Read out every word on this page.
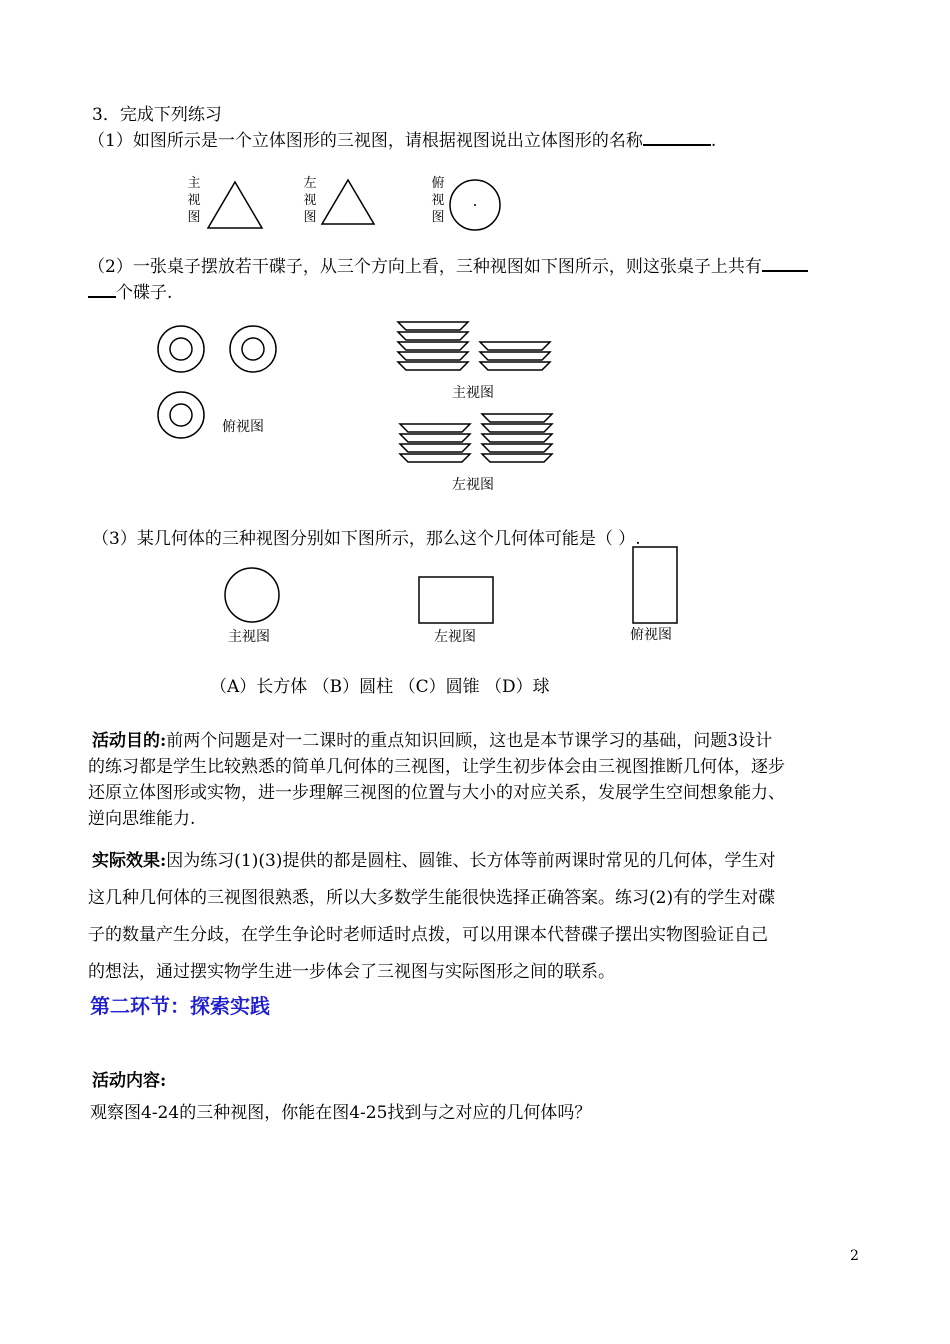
3．完成下列练习
（1）如图所示是一个立体图形的三视图，请根据视图说出立体图形的名称	.
主
视
图
左
视
图
俯
视
图
（2）一张桌子摆放若干碟子，从三个方向上看，三种视图如下图所示，则这张桌子上共有
个碟子.
俯视图
主视图
左视图
（3）某几何体的三种视图分别如下图所示，那么这个几何体可能是（ ）.
主视图	左视图	俯视图
（A）长方体 （B）圆柱 （C）圆锥 （D）球
活动目的:前两个问题是对一二课时的重点知识回顾，这也是本节课学习的基础，问题3设计
的练习都是学生比较熟悉的简单几何体的三视图，让学生初步体会由三视图推断几何体，逐步
还原立体图形或实物，进一步理解三视图的位置与大小的对应关系，发展学生空间想象能力、
逆向思维能力.
实际效果:因为练习(1)(3)提供的都是圆柱、圆锥、长方体等前两课时常见的几何体，学生对
这几种几何体的三视图很熟悉，所以大多数学生能很快选择正确答案。练习(2)有的学生对碟
子的数量产生分歧，在学生争论时老师适时点拨，可以用课本代替碟子摆出实物图验证自己
的想法，通过摆实物学生进一步体会了三视图与实际图形之间的联系。
第二环节：探索实践
活动内容:
观察图4-24的三种视图，你能在图4-25找到与之对应的几何体吗？
2
